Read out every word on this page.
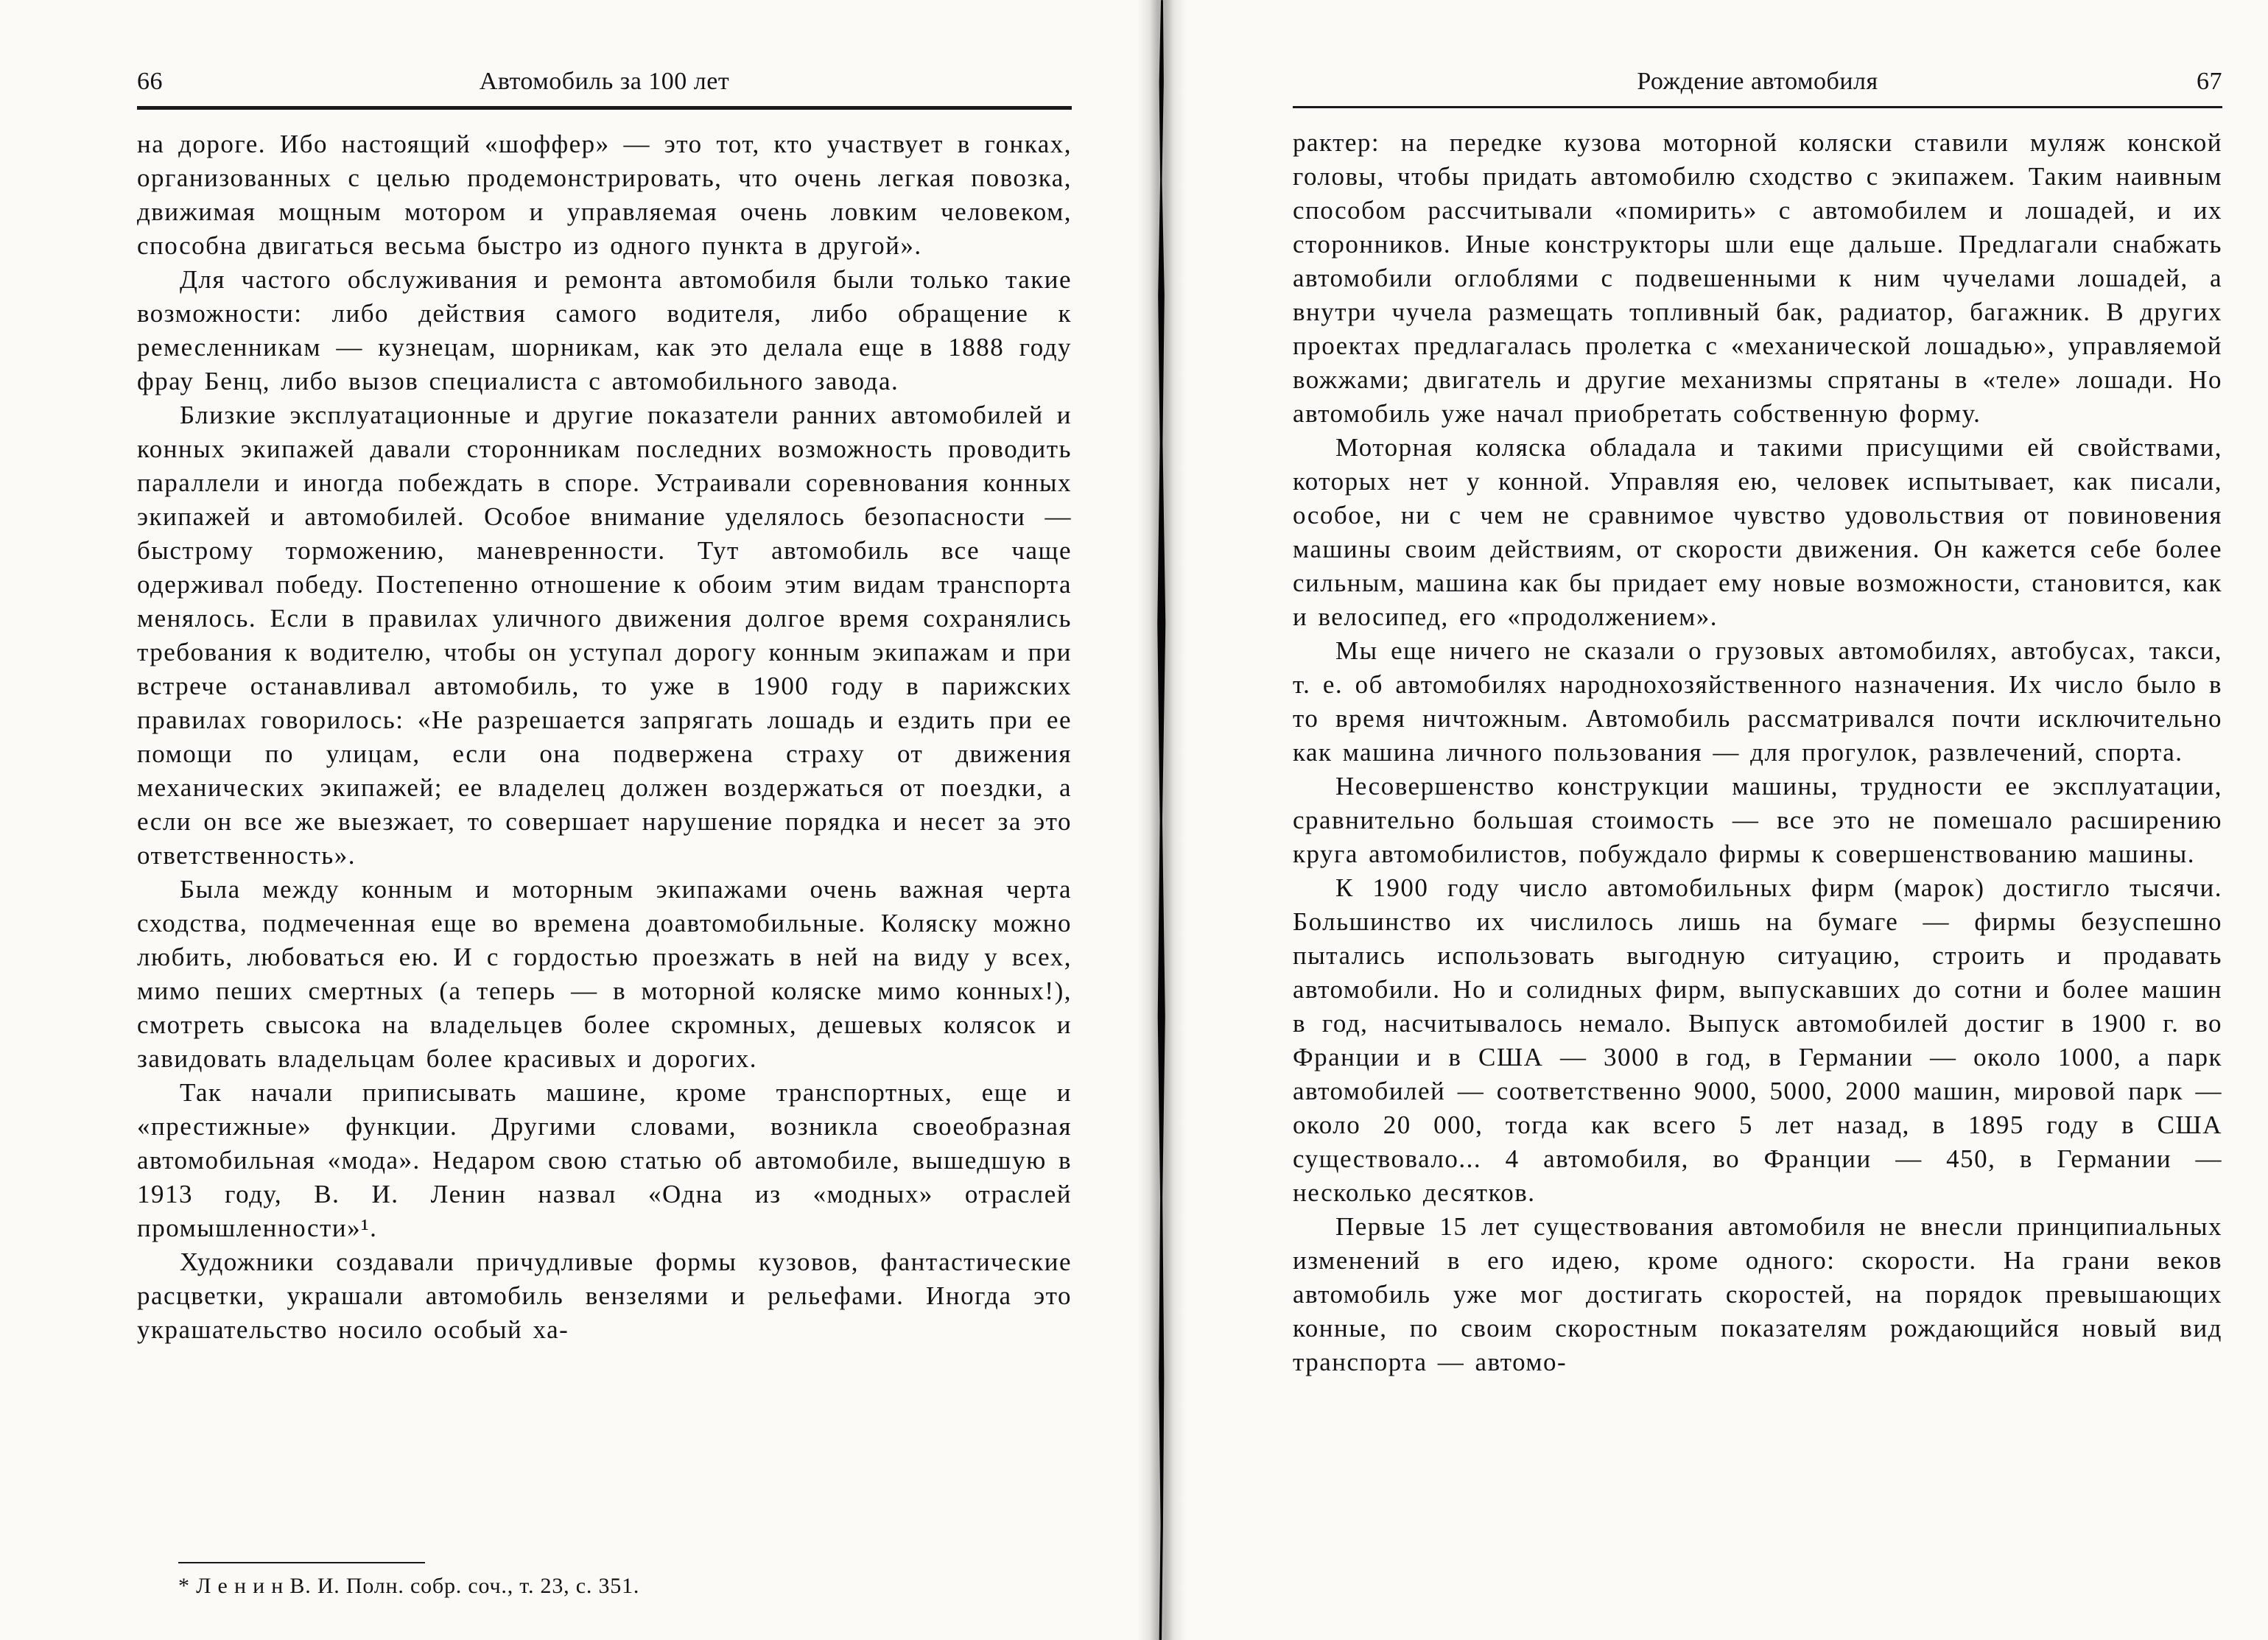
66	Автомобиль за 100 лет

на дороге. Ибо настоящий «шоффер» — это тот, кто участвует в гонках, организованных с целью продемонстрировать, что очень легкая повозка, движимая мощным мотором и управляемая очень ловким человеком, способна двигаться весьма быстро из одного пункта в другой».

Для частого обслуживания и ремонта автомобиля были только такие возможности: либо действия самого водителя, либо обращение к ремесленникам — кузнецам, шорникам, как это делала еще в 1888 году фрау Бенц, либо вызов специалиста с автомобильного завода.

Близкие эксплуатационные и другие показатели ранних автомобилей и конных экипажей давали сторонникам последних возможность проводить параллели и иногда побеждать в споре. Устраивали соревнования конных экипажей и автомобилей. Особое внимание уделялось безопасности — быстрому торможению, маневренности. Тут автомобиль все чаще одерживал победу. Постепенно отношение к обоим этим видам транспорта менялось. Если в правилах уличного движения долгое время сохранялись требования к водителю, чтобы он уступал дорогу конным экипажам и при встрече останавливал автомобиль, то уже в 1900 году в парижских правилах говорилось: «Не разрешается запрягать лошадь и ездить при ее помощи по улицам, если она подвержена страху от движения механических экипажей; ее владелец должен воздержаться от поездки, а если он все же выезжает, то совершает нарушение порядка и несет за это ответственность».

Была между конным и моторным экипажами очень важная черта сходства, подмеченная еще во времена доавтомобильные. Коляску можно любить, любоваться ею. И с гордостью проезжать в ней на виду у всех, мимо пеших смертных (а теперь — в моторной коляске мимо конных!), смотреть свысока на владельцев более скромных, дешевых колясок и завидовать владельцам более красивых и дорогих.

Так начали приписывать машине, кроме транспортных, еще и «престижные» функции. Другими словами, возникла своеобразная автомобильная «мода». Недаром свою статью об автомобиле, вышедшую в 1913 году, В. И. Ленин назвал «Одна из «модных» отраслей промышленности»¹.

Художники создавали причудливые формы кузовов, фантастические расцветки, украшали автомобиль вензелями и рельефами. Иногда это украшательство носило особый ха-

* Л е н и н В. И. Полн. собр. соч., т. 23, с. 351.
Рождение автомобиля	67

рактер: на передке кузова моторной коляски ставили муляж конской головы, чтобы придать автомобилю сходство с экипажем. Таким наивным способом рассчитывали «помирить» с автомобилем и лошадей, и их сторонников. Иные конструкторы шли еще дальше. Предлагали снабжать автомобили оглоблями с подвешенными к ним чучелами лошадей, а внутри чучела размещать топливный бак, радиатор, багажник. В других проектах предлагалась пролетка с «механической лошадью», управляемой вожжами; двигатель и другие механизмы спрятаны в «теле» лошади. Но автомобиль уже начал приобретать собственную форму.

Моторная коляска обладала и такими присущими ей свойствами, которых нет у конной. Управляя ею, человек испытывает, как писали, особое, ни с чем не сравнимое чувство удовольствия от повиновения машины своим действиям, от скорости движения. Он кажется себе более сильным, машина как бы придает ему новые возможности, становится, как и велосипед, его «продолжением».

Мы еще ничего не сказали о грузовых автомобилях, автобусах, такси, т. е. об автомобилях народнохозяйственного назначения. Их число было в то время ничтожным. Автомобиль рассматривался почти исключительно как машина личного пользования — для прогулок, развлечений, спорта.

Несовершенство конструкции машины, трудности ее эксплуатации, сравнительно большая стоимость — все это не помешало расширению круга автомобилистов, побуждало фирмы к совершенствованию машины.

К 1900 году число автомобильных фирм (марок) достигло тысячи. Большинство их числилось лишь на бумаге — фирмы безуспешно пытались использовать выгодную ситуацию, строить и продавать автомобили. Но и солидных фирм, выпускавших до сотни и более машин в год, насчитывалось немало. Выпуск автомобилей достиг в 1900 г. во Франции и в США — 3000 в год, в Германии — около 1000, а парк автомобилей — соответственно 9000, 5000, 2000 машин, мировой парк — около 20 000, тогда как всего 5 лет назад, в 1895 году в США существовало... 4 автомобиля, во Франции — 450, в Германии — несколько десятков.

Первые 15 лет существования автомобиля не внесли принципиальных изменений в его идею, кроме одного: скорости. На грани веков автомобиль уже мог достигать скоростей, на порядок превышающих конные, по своим скоростным показателям рождающийся новый вид транспорта — автомо-
